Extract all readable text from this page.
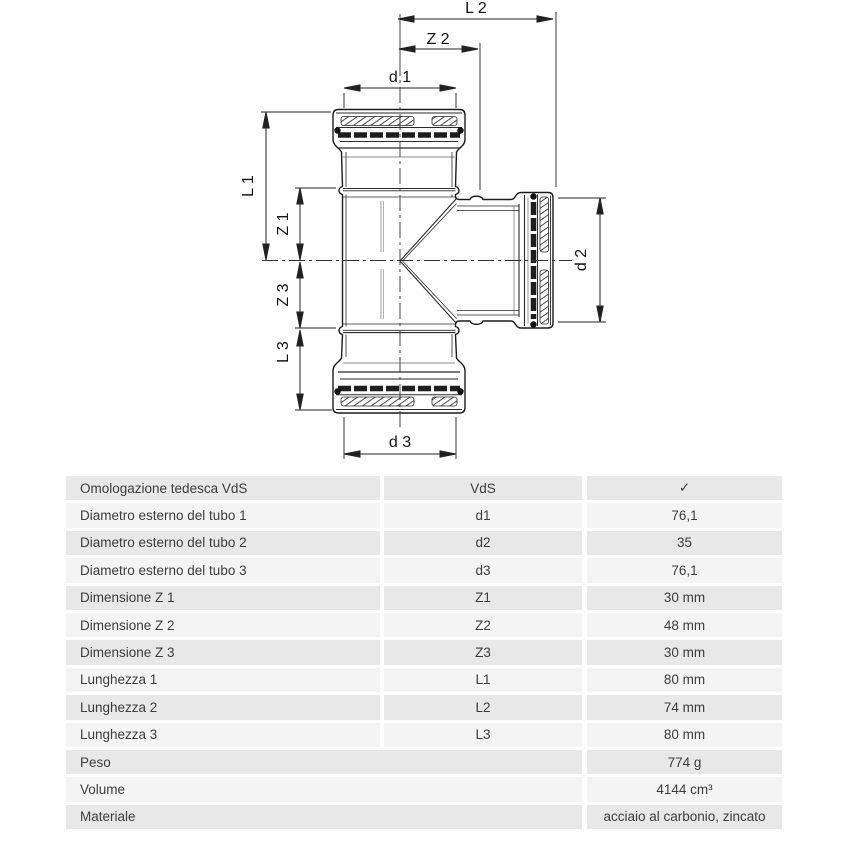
L 2
Z 2
d 1
d 3
L 1
Z 1
Z 3
L 3
d 2
Omologazione tedesca VdS	VdS	✓
Diametro esterno del tubo 1	d1	76,1
Diametro esterno del tubo 2	d2	35
Diametro esterno del tubo 3	d3	76,1
Dimensione Z 1	Z1	30 mm
Dimensione Z 2	Z2	48 mm
Dimensione Z 3	Z3	30 mm
Lunghezza 1	L1	80 mm
Lunghezza 2	L2	74 mm
Lunghezza 3	L3	80 mm
Peso	774 g
Volume	4144 cm³
Materiale	acciaio al carbonio, zincato
